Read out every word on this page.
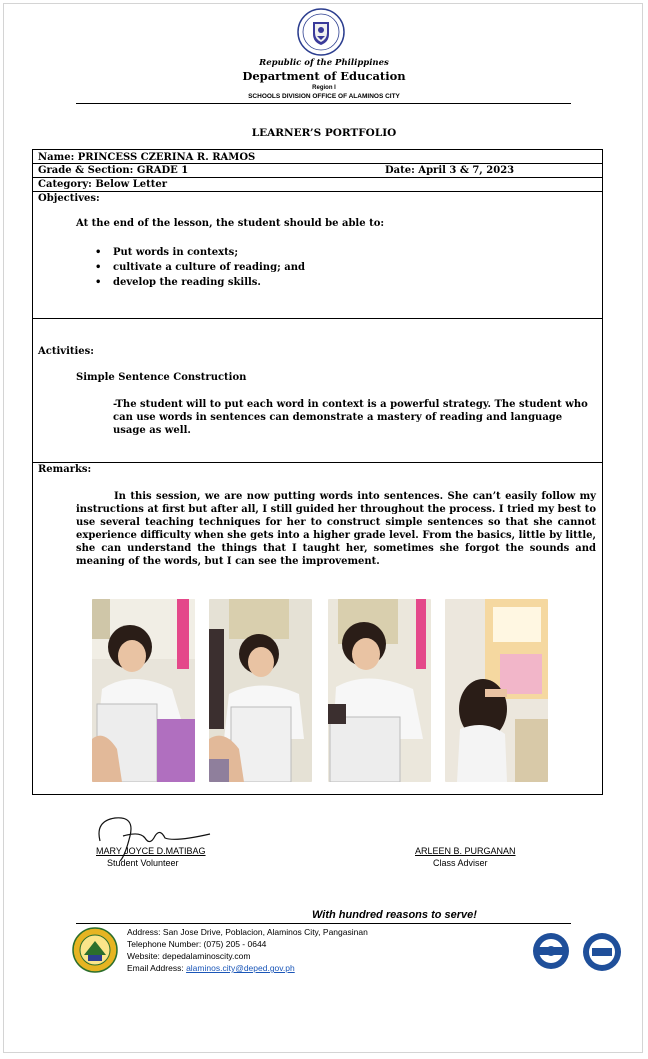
Republic of the Philippines
Department of Education
Region I
SCHOOLS DIVISION OFFICE OF ALAMINOS CITY
LEARNER’S PORTFOLIO
Name: PRINCESS CZERINA R. RAMOS
Grade & Section: GRADE 1	Date: April 3 & 7, 2023
Category: Below Letter
Objectives:
At the end of the lesson, the student should be able to:
• Put words in contexts;
• cultivate a culture of reading; and
• develop the reading skills.
Activities:
Simple Sentence Construction
-The student will to put each word in context is a powerful strategy. The student who can use words in sentences can demonstrate a mastery of reading and language usage as well.
Remarks:
In this session, we are now putting words into sentences. She can’t easily follow my instructions at first but after all, I still guided her throughout the process. I tried my best to use several teaching techniques for her to construct simple sentences so that she cannot experience difficulty when she gets into a higher grade level. From the basics, little by little, she can understand the things that I taught her, sometimes she forgot the sounds and meaning of the words, but I can see the improvement.
MARY JOYCE D.MATIBAG
Student Volunteer
ARLEEN B. PURGANAN
Class Adviser
With hundred reasons to serve!
Address: San Jose Drive, Poblacion, Alaminos City, Pangasinan
Telephone Number: (075) 205 - 0644
Website: depedalaminoscity.com
Email Address: alaminos.city@deped.gov.ph
